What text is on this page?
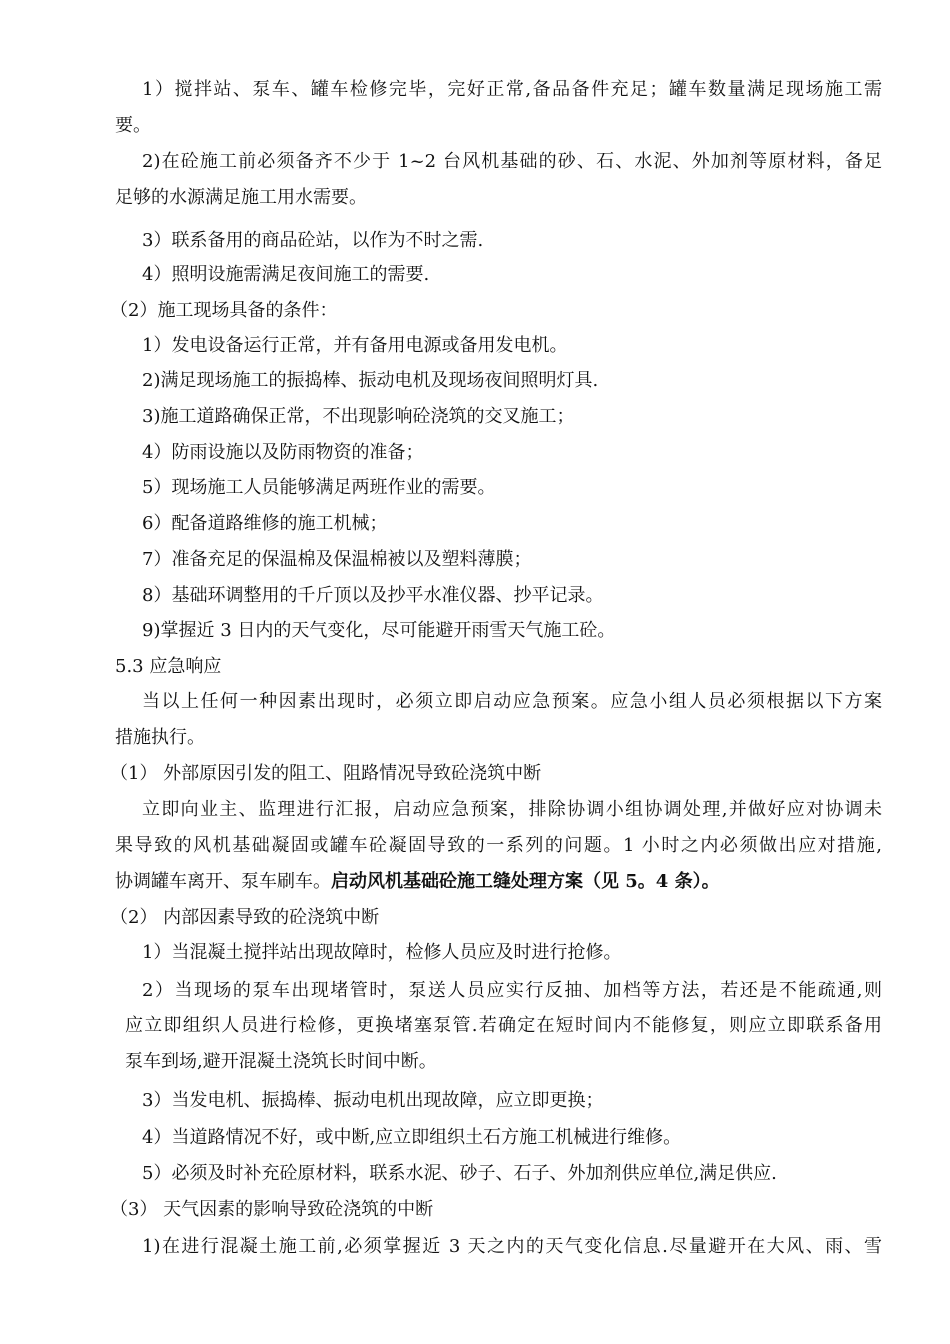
1）搅拌站、泵车、罐车检修完毕，完好正常,备品备件充足；罐车数量满足现场施工需
要。
2)在砼施工前必须备齐不少于 1~2 台风机基础的砂、石、水泥、外加剂等原材料，备足
足够的水源满足施工用水需要。
3）联系备用的商品砼站，以作为不时之需.
4）照明设施需满足夜间施工的需要.
（2）施工现场具备的条件：
1）发电设备运行正常，并有备用电源或备用发电机。
2)满足现场施工的振捣棒、振动电机及现场夜间照明灯具.
3)施工道路确保正常，不出现影响砼浇筑的交叉施工；
4）防雨设施以及防雨物资的准备；
5）现场施工人员能够满足两班作业的需要。
6）配备道路维修的施工机械；
7）准备充足的保温棉及保温棉被以及塑料薄膜；
8）基础环调整用的千斤顶以及抄平水准仪器、抄平记录。
9)掌握近 3 日内的天气变化，尽可能避开雨雪天气施工砼。
5.3 应急响应
当以上任何一种因素出现时，必须立即启动应急预案。应急小组人员必须根据以下方案
措施执行。
（1） 外部原因引发的阻工、阻路情况导致砼浇筑中断
立即向业主、监理进行汇报，启动应急预案，排除协调小组协调处理,并做好应对协调未
果导致的风机基础凝固或罐车砼凝固导致的一系列的问题。1 小时之内必须做出应对措施,
协调罐车离开、泵车刷车。启动风机基础砼施工缝处理方案（见 5。4 条）。
（2） 内部因素导致的砼浇筑中断
1）当混凝土搅拌站出现故障时，检修人员应及时进行抢修。
2）当现场的泵车出现堵管时，泵送人员应实行反抽、加档等方法，若还是不能疏通,则
应立即组织人员进行检修，更换堵塞泵管.若确定在短时间内不能修复，则应立即联系备用
泵车到场,避开混凝土浇筑长时间中断。
3）当发电机、振捣棒、振动电机出现故障，应立即更换；
4）当道路情况不好，或中断,应立即组织土石方施工机械进行维修。
5）必须及时补充砼原材料，联系水泥、砂子、石子、外加剂供应单位,满足供应.
（3） 天气因素的影响导致砼浇筑的中断
1)在进行混凝土施工前,必须掌握近 3 天之内的天气变化信息.尽量避开在大风、雨、雪
